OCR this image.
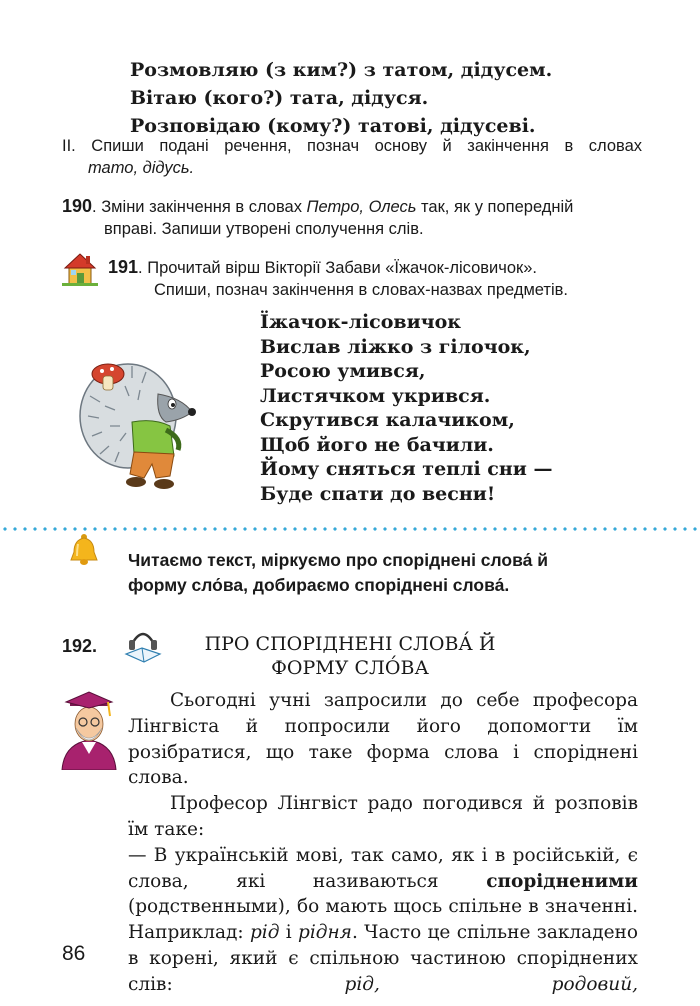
Розмовляю (з ким?) з татом, дідусем.
Вітаю (кого?) тата, дідуся.
Розповідаю (кому?) татові, дідусеві.
ІІ. Спиши подані речення, познач основу й закінчення в словах
тато, дідусь.
190. Зміни закінчення в словах Петро, Олесь так, як у попередній
вправі. Запиши утворені сполучення слів.
191. Прочитай вірш Вікторії Забави «Їжачок-лісовичок».
Спиши, познач закінчення в словах-назвах предметів.
Їжачок-лісовичок
Вислав ліжко з гілочок,
Росою умився,
Листячком укрився.
Скрутився калачиком,
Щоб його не бачили.
Йому сняться теплі сни —
Буде спати до весни!
Читаємо текст, міркуємо про споріднені слова́ й
форму сло́ва, добираємо споріднені слова́.
192.	ПРО СПОРІДНЕНІ СЛОВА́ Й
ФОРМУ СЛО́ВА

Сьогодні учні запросили до себе професора Лінгвіста й попросили його допомогти їм розібратися, що таке форма слова і споріднені слова.

Професор Лінгвіст радо погодився й розповів їм таке:

— В українській мові, так само, як і в російській, є слова, які називаються спорідненими (родственными), бо мають щось спільне в значенні. Наприклад: рід і рідня. Часто це спільне закладено в корені, який є спільною частиною споріднених слів: рід, родовий,

86
